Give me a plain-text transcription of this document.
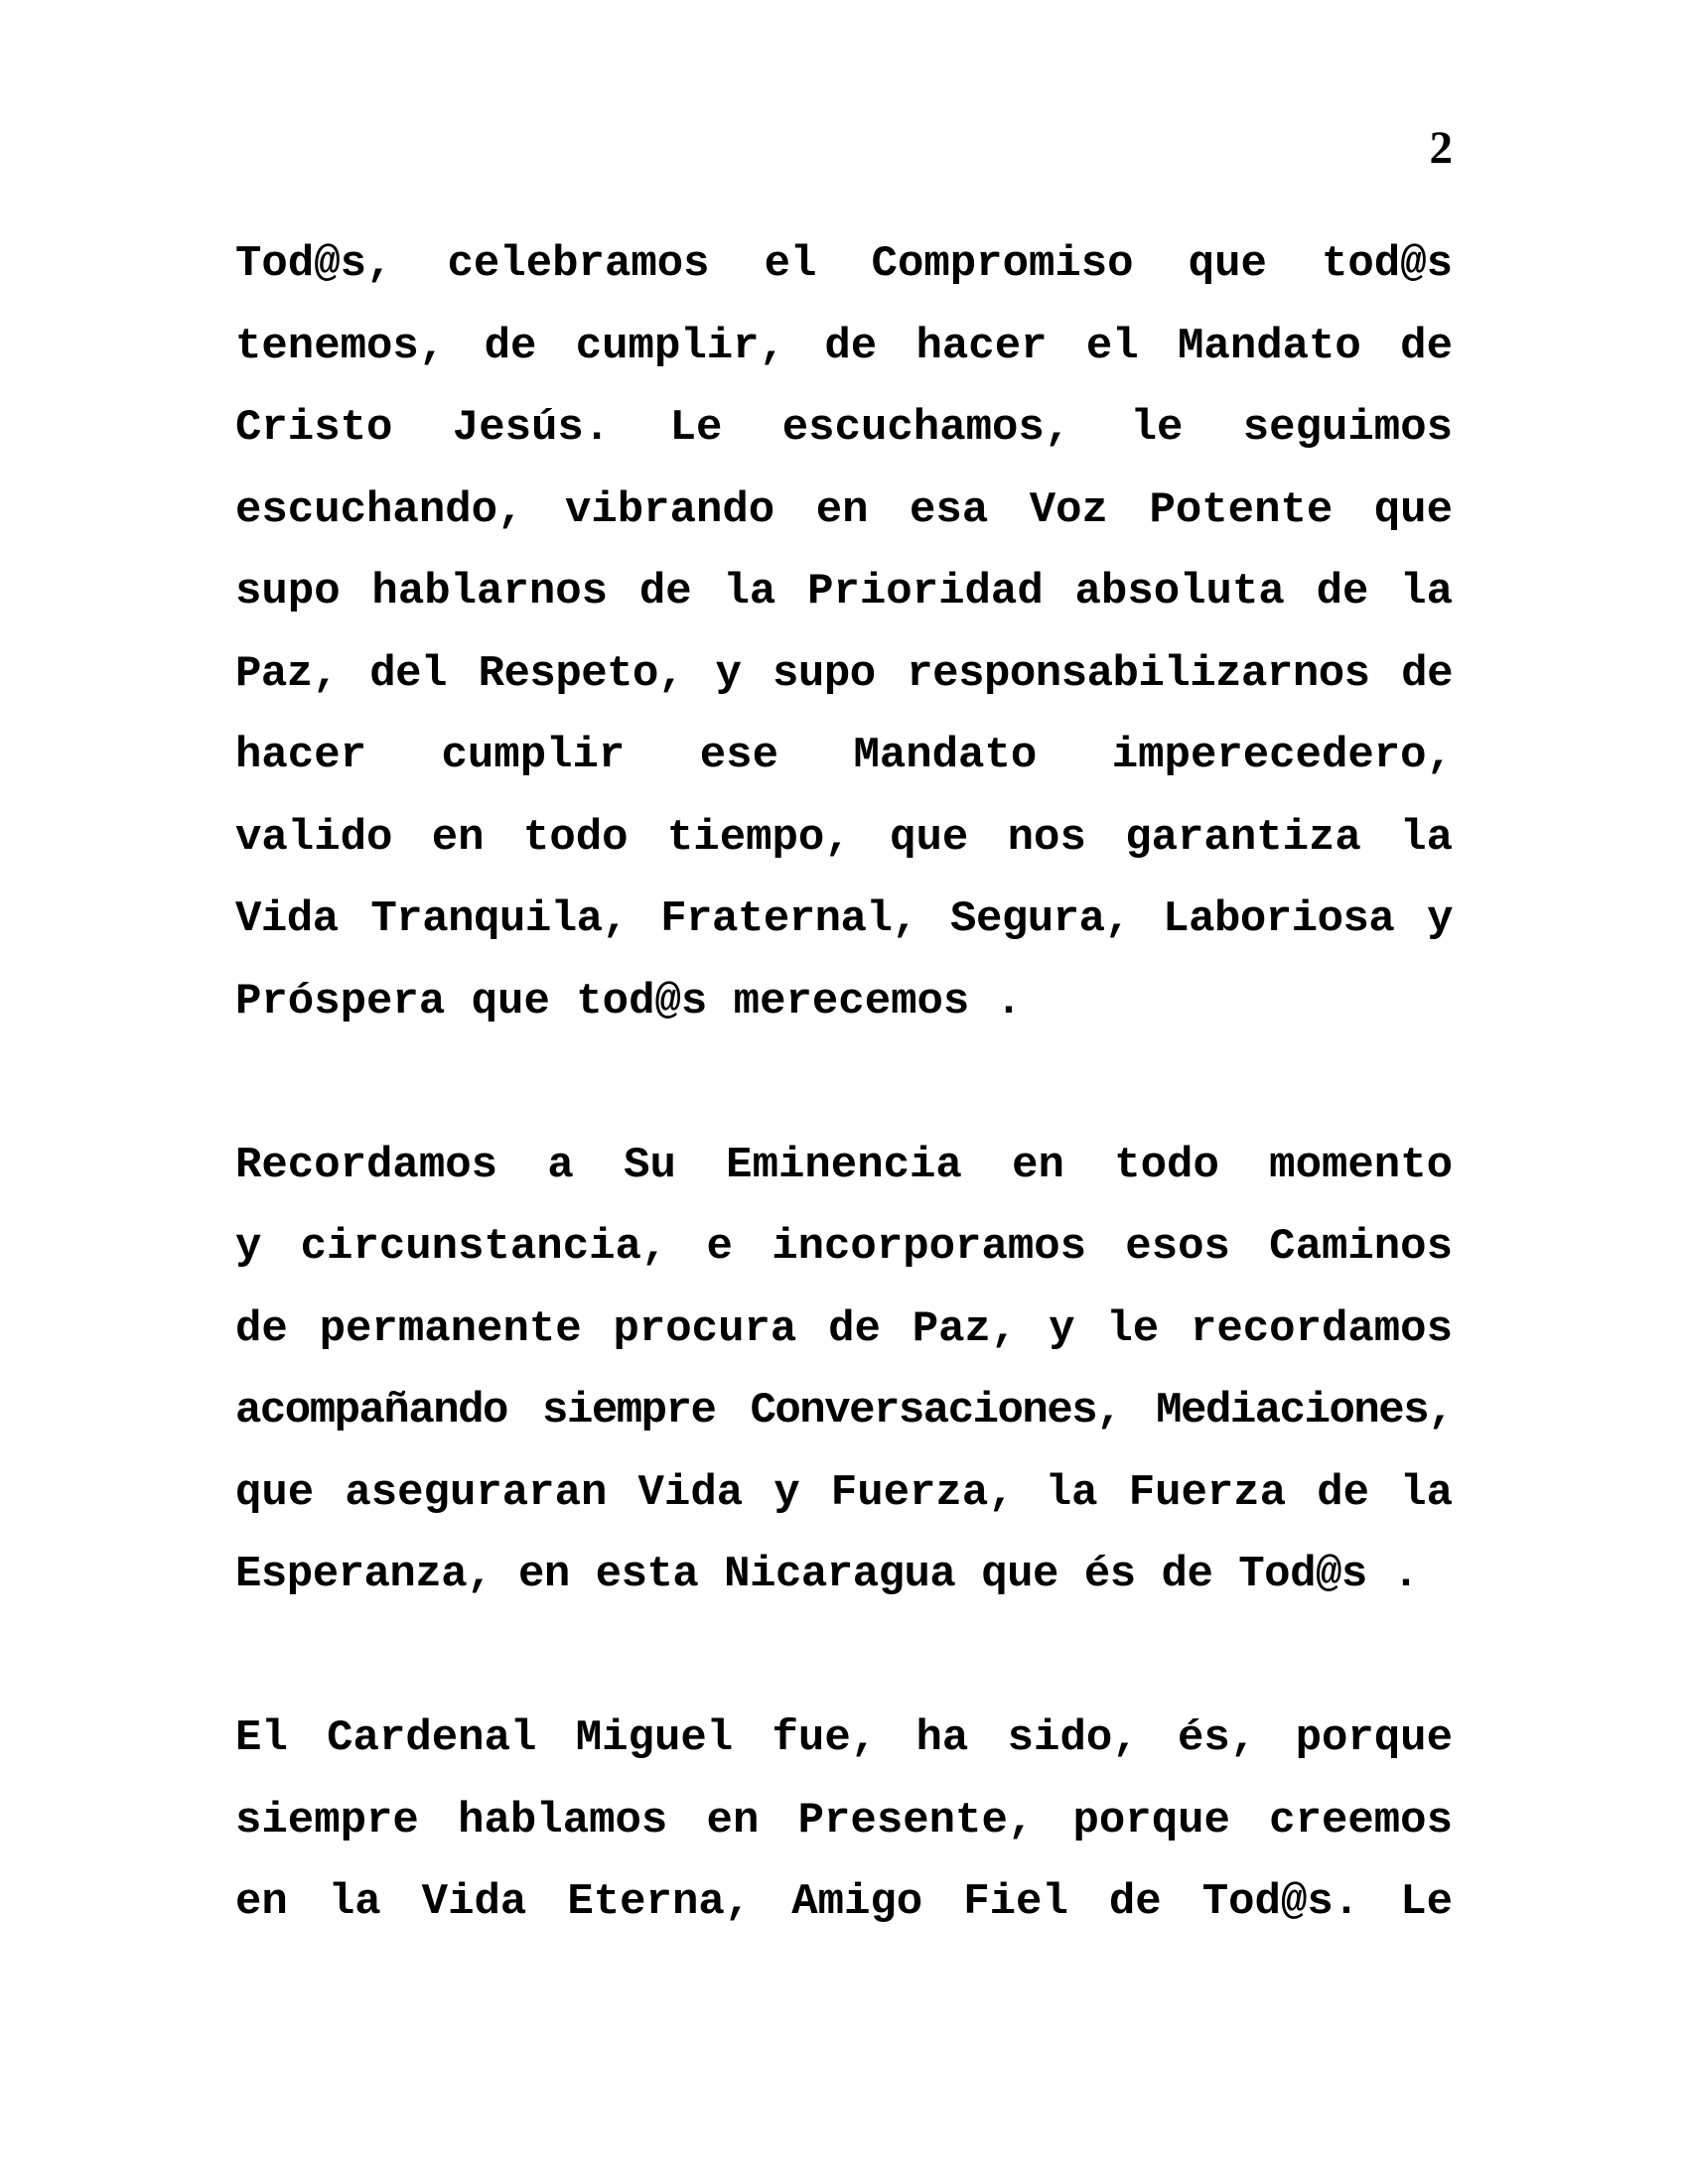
2
Tod@s, celebramos el Compromiso que tod@s
tenemos, de cumplir, de hacer el Mandato de
Cristo Jesús. Le escuchamos, le seguimos
escuchando, vibrando en esa Voz Potente que
supo hablarnos de la Prioridad absoluta de la
Paz, del Respeto, y supo responsabilizarnos de
hacer cumplir ese Mandato imperecedero,
valido en todo tiempo, que nos garantiza la
Vida Tranquila, Fraternal, Segura, Laboriosa y
Próspera que tod@s merecemos .
Recordamos a Su Eminencia en todo momento
y circunstancia, e incorporamos esos Caminos
de permanente procura de Paz, y le recordamos
acompañando siempre Conversaciones, Mediaciones,
que aseguraran Vida y Fuerza, la Fuerza de la
Esperanza, en esta Nicaragua que és de Tod@s .
El Cardenal Miguel fue, ha sido, és, porque
siempre hablamos en Presente, porque creemos
en la Vida Eterna, Amigo Fiel de Tod@s. Le
